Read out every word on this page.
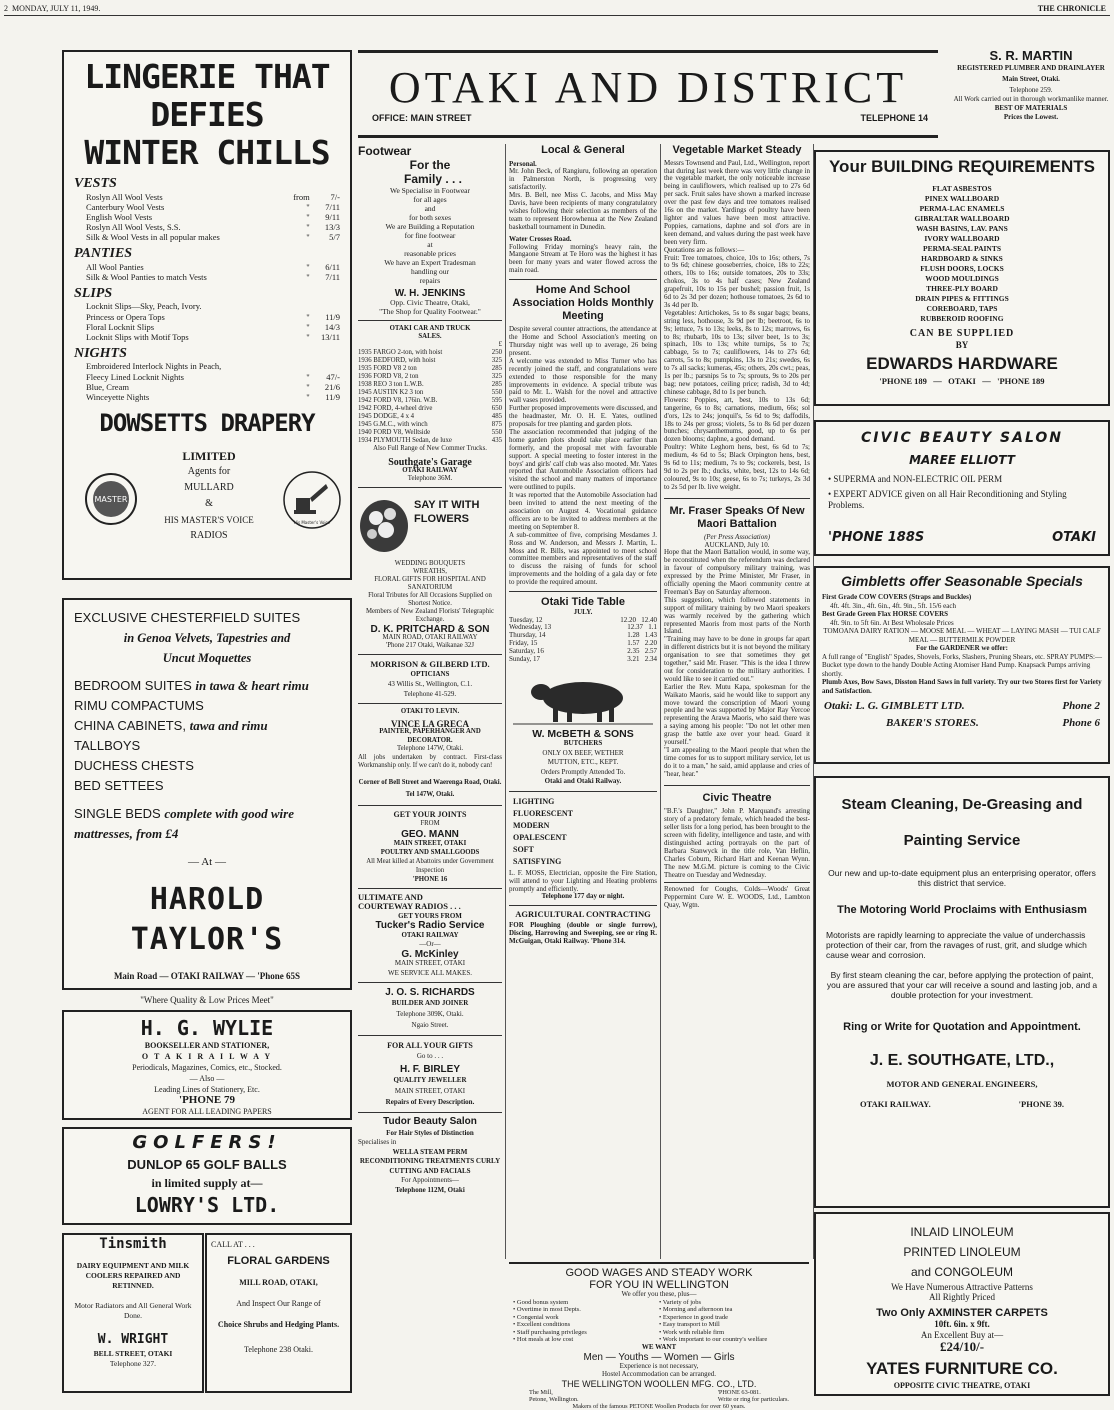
2 MONDAY, JULY 11, 1949.	THE CHRONICLE
LINGERIE THAT
DEFIES
WINTER CHILLS
VESTS
Roslyn All Wool Vests	from 7/-
Canterbury Wool Vests	" 7/11
English Wool Vests	" 9/11
Roslyn All Wool Vests, S.S.	" 13/3
Silk & Wool Vests in all popular makes	" 5/7
PANTIES
All Wool Panties	" 6/11
Silk & Wool Panties to match Vests	" 7/11
SLIPS
Locknit Slips—Sky, Peach, Ivory.
Princess or Opera Tops	" 11/9
Floral Locknit Slips	" 14/3
Locknit Slips with Motif Tops	" 13/11
NIGHTS
Embroidered Interlock Nights in Peach,
Fleecy Lined Locknit Nights	" 47/-
Blue, Cream	" 21/6
Winceyette Nights	" 11/9
DOWSETTS DRAPERY
LIMITED
Agents for
MULLARD
&
HIS MASTER'S VOICE
RADIOS
MASTER
His Master's Voice
EXCLUSIVE CHESTERFIELD SUITES
in Genoa Velvets, Tapestries and
Uncut Moquettes
BEDROOM SUITES in tawa & heart rimu
RIMU COMPACTUMS
CHINA CABINETS, tawa and rimu
TALLBOYS
DUCHESS CHESTS
BED SETTEES
SINGLE BEDS complete with good wire mattresses, from £4
— At —
HAROLD TAYLOR'S
Main Road — OTAKI RAILWAY — 'Phone 65S
"Where Quality & Low Prices Meet"
H. G. WYLIE
BOOKSELLER AND STATIONER,
O T A K I R A I L W A Y
Periodicals, Magazines, Comics, etc., Stocked.
— Also —
Leading Lines of Stationery, Etc.
'PHONE 79
AGENT FOR ALL LEADING PAPERS
GOLFERS!
DUNLOP 65 GOLF BALLS
in limited supply at—
LOWRY'S LTD.
Tinsmith
DAIRY EQUIPMENT AND MILK COOLERS REPAIRED AND RETINNED.
Motor Radiators and All General Work Done.
W. WRIGHT
BELL STREET, OTAKI
Telephone 327.
CALL AT . . .
FLORAL GARDENS
MILL ROAD, OTAKI,
And Inspect Our Range of
Choice Shrubs and Hedging Plants.
Telephone 238 Otaki.
OTAKI AND DISTRICT
OFFICE: MAIN STREET	TELEPHONE 14
Footwear
For the
Family . . .
We Specialise in Footwear
for all ages
and
for both sexes
We are Building a Reputation
for fine footwear
at
reasonable prices
We have an Expert Tradesman
handling our
repairs
W. H. JENKINS
Opp. Civic Theatre, Otaki,
"The Shop for Quality Footwear."
OTAKI CAR AND TRUCK
SALES.
£
1935 FARGO 2-ton, with hoist	250
1936 BEDFORD, with hoist	325
1935 FORD V8 2 ton	285
1936 FORD V8, 2 ton	325
1938 REO 3 ton L.W.B.	285
1945 AUSTIN K2 3 ton	550
1942 FORD V8, 176in. W.B.	595
1942 FORD, 4-wheel drive	650
1945 DODGE, 4 x 4	485
1945 G.M.C., with winch	875
1940 FORD V8, Welltside	550
1934 PLYMOUTH Sedan, de luxe	435
Also Full Range of New Commer Trucks.
Southgate's Garage
OTAKI RAILWAY
Telephone 36M.
SAY IT WITH
FLOWERS
WEDDING BOUQUETS
WREATHS,
FLORAL GIFTS FOR HOSPITAL AND SANATORIUM
Floral Tributes for All Occasions Supplied on Shortest Notice.
Members of New Zealand Florists' Telegraphic Exchange.
D. K. PRITCHARD & SON
MAIN ROAD, OTAKI RAILWAY
'Phone 217 Otaki, Waikanae 32J
MORRISON & GILBERD LTD.
OPTICIANS
43 Willis St., Wellington, C.1.
Telephone 41-529.
OTAKI TO LEVIN.
VINCE LA GRECA
PAINTER, PAPERHANGER AND DECORATOR.
Telephone 147W, Otaki.
All jobs undertaken by contract. First-class Workmanship only. If we can't do it, nobody can!
Corner of Bell Street and Waerenga Road, Otaki. Tel 147W, Otaki.
GET YOUR JOINTS
FROM
GEO. MANN
MAIN STREET, OTAKI
POULTRY AND SMALLGOODS
All Meat killed at Abattoirs under Government Inspection
'PHONE 16
ULTIMATE AND
COURTEWAY RADIOS . . .
GET YOURS FROM
Tucker's Radio Service
OTAKI RAILWAY
—Or—
G. McKinley
MAIN STREET, OTAKI
WE SERVICE ALL MAKES.
J. O. S. RICHARDS
BUILDER AND JOINER
Telephone 309K, Otaki.
Ngaio Street.
FOR ALL YOUR GIFTS
Go to . . .
H. F. BIRLEY
QUALITY JEWELLER
MAIN STREET, OTAKI
Repairs of Every Description.
Tudor Beauty Salon
For Hair Styles of Distinction
Specialises in
WELLA STEAM PERM
RECONDITIONING TREATMENTS CURLY CUTTING AND FACIALS
For Appointments—
Telephone 112M, Otaki
Local & General
Personal.

Mr. John Beck, of Rangiuru, following an operation in Palmerston North, is progressing very satisfactorily.

Mrs. B. Bell, nee Miss C. Jacobs, and Miss May Davis, have been recipients of many congratulatory wishes following their selection as members of the team to represent Horowhenua at the New Zealand basketball tournament in Dunedin.

Water Crosses Road.

Following Friday morning's heavy rain, the Mangaone Stream at Te Horo was the highest it has been for many years and water flowed across the main road.

Home And School Association Holds Monthly Meeting

Despite several counter attractions, the attendance at the Home and School Association's meeting on Thursday night was well up to average, 26 being present.

A welcome was extended to Miss Turner who has recently joined the staff, and congratulations were extended to those responsible for the many improvements in evidence. A special tribute was paid to Mr. L. Walsh for the novel and attractive wall vases provided.

Further proposed improvements were discussed, and the headmaster, Mr. O. H. E. Yates, outlined proposals for tree planting and garden plots.

The association recommended that judging of the home garden plots should take place earlier than formerly, and the proposal met with favourable support. A special meeting to foster interest in the boys' and girls' calf club was also mooted. Mr. Yates reported that Automobile Association officers had visited the school and many matters of importance were outlined to pupils.

It was reported that the Automobile Association had been invited to attend the next meeting of the association on August 4. Vocational guidance officers are to be invited to address members at the meeting on September 8.

A sub-committee of five, comprising Mesdames J. Ross and W. Anderson, and Messrs J. Martin, L. Moss and R. Bills, was appointed to meet school committee members and representatives of the staff to discuss the raising of funds for school improvements and the holding of a gala day or fete to provide the required amount.

Otaki Tide Table
JULY.
Tuesday, 12	12.20 12.40
Wednesday, 13	12.37 1.1
Thursday, 14	1.28 1.43
Friday, 15	1.57 2.20
Saturday, 16	2.35 2.57
Sunday, 17	3.21 2.34
W. McBETH & SONS
BUTCHERS
ONLY OX BEEF, WETHER
MUTTON, ETC., KEPT.
Orders Promptly Attended To.
Otaki and Otaki Railway.
LIGHTING
FLUORESCENT
MODERN
OPALESCENT
SOFT
SATISFYING

L. F. MOSS, Electrician, opposite the Fire Station, will attend to your Lighting and Heating problems promptly and efficiently.

Telephone 177 day or night.
AGRICULTURAL CONTRACTING

FOR Ploughing (double or single furrow), Discing, Harrowing and Sweeping, see or ring R. McGuigan, Otaki Railway. 'Phone 314.

Vegetable Market Steady

Messrs Townsend and Paul, Ltd., Wellington, report that during last week there was very little change in the vegetable market, the only noticeable increase being in cauliflowers, which realised up to 27s 6d per sack. Fruit sales have shown a marked increase over the past few days and tree tomatoes realised 16s on the market. Yardings of poultry have been lighter and values have been most attractive. Poppies, carnations, daphne and sol d'ors are in keen demand, and values during the past week have been very firm.

Quotations are as follows:—

Fruit: Tree tomatoes, choice, 10s to 16s; others, 7s to 9s 6d; chinese gooseberries, choice, 18s to 22s; others, 10s to 16s; outside tomatoes, 20s to 33s; chokos, 3s to 4s half cases; New Zealand grapefruit, 10s to 15s per bushel; passion fruit, 1s 6d to 2s 3d per dozen; hothouse tomatoes, 2s 6d to 3s 4d per lb.

Vegetables: Artichokes, 5s to 8s sugar bags; beans, string less, hothouse, 3s 9d per lb; beetroot, 6s to 9s; lettuce, 7s to 13s; leeks, 8s to 12s; marrows, 6s to 8s; rhubarb, 10s to 13s; silver beet, 1s to 3s; spinach, 10s to 13s; white turnips, 5s to 7s; cabbage, 5s to 7s; cauliflowers, 14s to 27s 6d; carrots, 5s to 8s; pumpkins, 13s to 21s; swedes, 6s to 7s all sacks; kumeras, 45s; others, 20s cwt.; peas, 1s per lb.; parsnips 5s to 7s; sprouts, 9s to 20s per bag; new potatoes, ceiling price; radish, 3d to 4d; chinese cabbage, 8d to 1s per bunch.

Flowers: Poppies, art, best, 10s to 13s 6d; tangerine, 6s to 8s; carnations, medium, 66s; sol d'ors, 12s to 24s; jonquil's, 5s 6d to 9s; daffodils, 18s to 24s per gross; violets, 5s to 8s 6d per dozen bunches; chrysanthemums, good, up to 6s per dozen blooms; daphne, a good demand.

Poultry: White Leghorn hens, best, 6s 6d to 7s; medium, 4s 6d to 5s; Black Orpington hens, best, 9s 6d to 11s; medium, 7s to 9s; cockerels, best, 1s 9d to 2s per lb.; ducks, white, best, 12s to 14s 6d; coloured, 9s to 10s; geese, 6s to 7s; turkeys, 2s 3d to 2s 5d per lb. live weight.

Mr. Fraser Speaks Of New Maori Battalion
(Per Press Association)
AUCKLAND, July 10.

Hope that the Maori Battalion would, in some way, be reconstituted when the referendum was declared in favour of compulsory military training, was expressed by the Prime Minister, Mr Fraser, in officially opening the Maori community centre at Freeman's Bay on Saturday afternoon.

This suggestion, which followed statements in support of military training by two Maori speakers was warmly received by the gathering which represented Maoris from most parts of the North Island.

"Training may have to be done in groups far apart in different districts but it is not beyond the military organisation to see that sometimes they get together," said Mr. Fraser. "This is the idea I threw out for consideration to the military authorities. I would like to see it carried out."

Earlier the Rev. Mutu Kapa, spokesman for the Waikato Maoris, said he would like to support any move toward the conscription of Maori young people and he was supported by Major Ray Vercoe representing the Arawa Maoris, who said there was a saying among his people: "Do not let other men grasp the battle axe over your head. Guard it yourself."

"I am appealing to the Maori people that when the time comes for us to support military service, let us do it to a man," he said, amid applause and cries of "hear, hear."

Civic Theatre

"B.F.'s Daughter," John P. Marquand's arresting story of a predatory female, which headed the best-seller lists for a long period, has been brought to the screen with fidelity, intelligence and taste, and with distinguished acting portrayals on the part of Barbara Stanwyck in the title role, Van Heflin, Charles Coburn, Richard Hart and Keenan Wynn. The new M.G.M. picture is coming to the Civic Theatre on Tuesday and Wednesday.

Renowned for Coughs, Colds—Woods' Great Peppermint Cure W. E. WOODS, Ltd., Lambton Quay, Wgtn.

GOOD WAGES AND STEADY WORK
FOR YOU IN WELLINGTON
We offer you these, plus—
• Good bonus system
• Overtime in most Depts.
• Congenial work
• Excellent conditions
• Staff purchasing privileges
• Hot meals at low cost
• Variety of jobs
• Morning and afternoon tea
• Experience in good trade
• Easy transport to Mill
• Work with reliable firm
• Work important to our country's welfare
WE WANT
Men — Youths — Women — Girls
Experience is not necessary,
Hostel Accommodation can be arranged.
THE WELLINGTON WOOLLEN MFG. CO., LTD.
The Mill,
Petone, Wellington.
'PHONE 63-081.
Write or ring for particulars.
Makers of the famous PETONE Woollen Products for over 60 years.
S. R. MARTIN
REGISTERED PLUMBER AND DRAINLAYER
Main Street, Otaki.
Telephone 259.
All Work carried out in thorough workmanlike manner.
BEST OF MATERIALS
Prices the Lowest.
Your BUILDING REQUIREMENTS
FLAT ASBESTOS
PINEX WALLBOARD
PERMA-LAC ENAMELS
GIBRALTAR WALLBOARD
WASH BASINS, LAV. PANS
IVORY WALLBOARD
PERMA-SEAL PAINTS
HARDBOARD & SINKS
FLUSH DOORS, LOCKS
WOOD MOULDINGS
THREE-PLY BOARD
DRAIN PIPES & FITTINGS
COREBOARD, TAPS
RUBBEROID ROOFING
CAN BE SUPPLIED
BY
EDWARDS HARDWARE
'PHONE 189   —   OTAKI   —   'PHONE 189
CIVIC BEAUTY SALON
MAREE ELLIOTT
• SUPERMA and NON-ELECTRIC OIL PERM
• EXPERT ADVICE given on all Hair Reconditioning and Styling Problems.
'PHONE 188S	OTAKI
Gimbletts offer Seasonable Specials
First Grade COW COVERS (Straps and Buckles)
4ft. 4ft. 3in., 4ft. 6in., 4ft. 9in., 5ft. 15/6 each
Best Grade Green Flax HORSE COVERS
4ft. 9in. to 5ft 6in. At Best Wholesale Prices
TOMOANA DAIRY RATION — MOOSE MEAL — WHEAT — LAYING MASH — TUI CALF MEAL — BUTTERMILK POWDER
For the GARDENER we offer:
A full range of "English" Spades, Shovels, Forks, Slashers, Pruning Shears, etc. SPRAY PUMPS:—Bucket type down to the handy Double Acting Atomiser Hand Pump. Knapsack Pumps arriving shortly.
Plumb Axes, Bow Saws, Disston Hand Saws in full variety. Try our two Stores first for Variety and Satisfaction.
Otaki: L. G. GIMBLETT LTD.	Phone 2
BAKER'S STORES.	Phone 6
Steam Cleaning, De-Greasing and
Painting Service
Our new and up-to-date equipment plus an enterprising operator, offers this district that service.
The Motoring World Proclaims with Enthusiasm
Motorists are rapidly learning to appreciate the value of underchassis protection of their car, from the ravages of rust, grit, and sludge which cause wear and corrosion.
By first steam cleaning the car, before applying the protection of paint, you are assured that your car will receive a sound and lasting job, and a double protection for your investment.
Ring or Write for Quotation and Appointment.
J. E. SOUTHGATE, LTD.,
MOTOR AND GENERAL ENGINEERS,
OTAKI RAILWAY.	'PHONE 39.
INLAID LINOLEUM
PRINTED LINOLEUM
and CONGOLEUM
We Have Numerous Attractive Patterns
All Rightly Priced
Two Only AXMINSTER CARPETS
10ft. 6in. x 9ft.
An Excellent Buy at—
£24/10/-
YATES FURNITURE CO.
OPPOSITE CIVIC THEATRE, OTAKI
